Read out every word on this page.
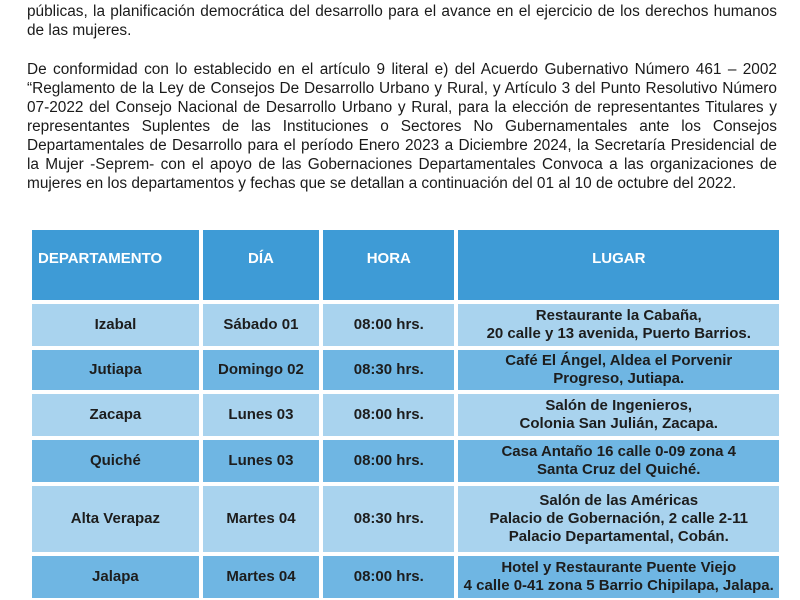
públicas, la planificación democrática del desarrollo para el avance en el ejercicio de los derechos humanos de las mujeres.

De conformidad con lo establecido en el artículo 9 literal e) del Acuerdo Gubernativo Número 461 – 2002 “Reglamento de la Ley de Consejos De Desarrollo Urbano y Rural, y Artículo 3 del Punto Resolutivo Número 07-2022 del Consejo Nacional de Desarrollo Urbano y Rural, para la elección de representantes Titulares y representantes Suplentes de las Instituciones o Sectores No Gubernamentales ante los Consejos Departamentales de Desarrollo para el período Enero 2023 a Diciembre 2024, la Secretaría Presidencial de la Mujer -Seprem- con el apoyo de las Gobernaciones Departamentales Convoca a las organizaciones de mujeres en los departamentos y fechas que se detallan a continuación del 01 al 10 de octubre del 2022.

DEPARTAMENTO	DÍA	HORA	LUGAR
Izabal	Sábado 01	08:00 hrs.	Restaurante la Cabaña,
20 calle y 13 avenida, Puerto Barrios.

Jutiapa	Domingo 02	08:30 hrs.	Café El Ángel, Aldea el Porvenir
Progreso, Jutiapa.

Zacapa	Lunes 03	08:00 hrs.	Salón de Ingenieros,
Colonia San Julián, Zacapa.

Quiché	Lunes 03	08:00 hrs.	Casa Antaño 16 calle 0-09 zona 4
Santa Cruz del Quiché.

Alta Verapaz	Martes 04	08:30 hrs.	Salón de las Américas
Palacio de Gobernación, 2 calle 2-11
Palacio Departamental, Cobán.

Jalapa	Martes 04	08:00 hrs.	Hotel y Restaurante Puente Viejo
4 calle 0-41 zona 5 Barrio Chipilapa, Jalapa.
